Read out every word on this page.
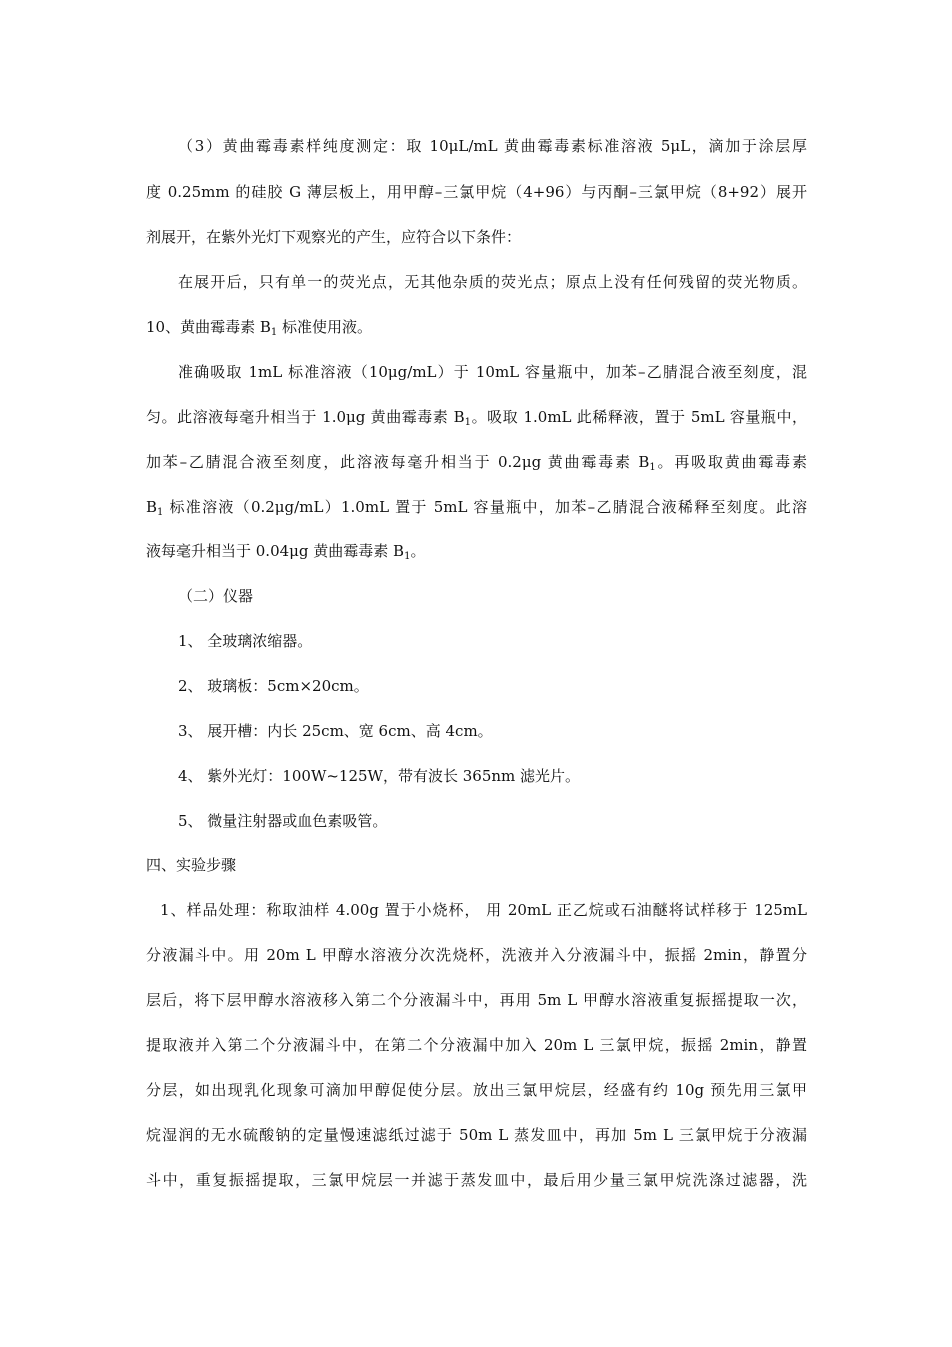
（3）黄曲霉毒素样纯度测定：取 10μL/mL 黄曲霉毒素标准溶液 5μL，滴加于涂层厚
度 0.25mm 的硅胶 G 薄层板上，用甲醇–三氯甲烷（4+96）与丙酮–三氯甲烷（8+92）展开
剂展开，在紫外光灯下观察光的产生，应符合以下条件：
在展开后，只有单一的荧光点，无其他杂质的荧光点；原点上没有任何残留的荧光物质。
10、黄曲霉毒素 $B_1$ 标准使用液。
准确吸取 1mL 标准溶液（10μg/mL）于 10mL 容量瓶中，加苯–乙腈混合液至刻度，混
匀。此溶液每毫升相当于 1.0μg 黄曲霉毒素 $B_1$。吸取 1.0mL 此稀释液，置于 5mL 容量瓶中，
加苯–乙腈混合液至刻度，此溶液每毫升相当于 0.2μg 黄曲霉毒素 $B_1$。再吸取黄曲霉毒素
$B_1$ 标准溶液（0.2μg/mL）1.0mL 置于 5mL 容量瓶中，加苯–乙腈混合液稀释至刻度。此溶
液每毫升相当于 0.04μg 黄曲霉毒素 $B_1$。
（二）仪器
1、 全玻璃浓缩器。
2、 玻璃板：5cm×20cm。
3、 展开槽：内长 25cm、宽 6cm、高 4cm。
4、 紫外光灯：100W~125W，带有波长 365nm 滤光片。
5、 微量注射器或血色素吸管。
四、实验步骤
1、样品处理：称取油样 4.00g 置于小烧杯， 用 20mL 正乙烷或石油醚将试样移于 125mL
分液漏斗中。用 20m L 甲醇水溶液分次洗烧杯，洗液并入分液漏斗中，振摇 2min，静置分
层后，将下层甲醇水溶液移入第二个分液漏斗中，再用 5m L 甲醇水溶液重复振摇提取一次，
提取液并入第二个分液漏斗中，在第二个分液漏中加入 20m L 三氯甲烷，振摇 2min，静置
分层，如出现乳化现象可滴加甲醇促使分层。放出三氯甲烷层，经盛有约 10g 预先用三氯甲
烷湿润的无水硫酸钠的定量慢速滤纸过滤于 50m L 蒸发皿中，再加 5m L 三氯甲烷于分液漏
斗中，重复振摇提取，三氯甲烷层一并滤于蒸发皿中，最后用少量三氯甲烷洗涤过滤器，洗
